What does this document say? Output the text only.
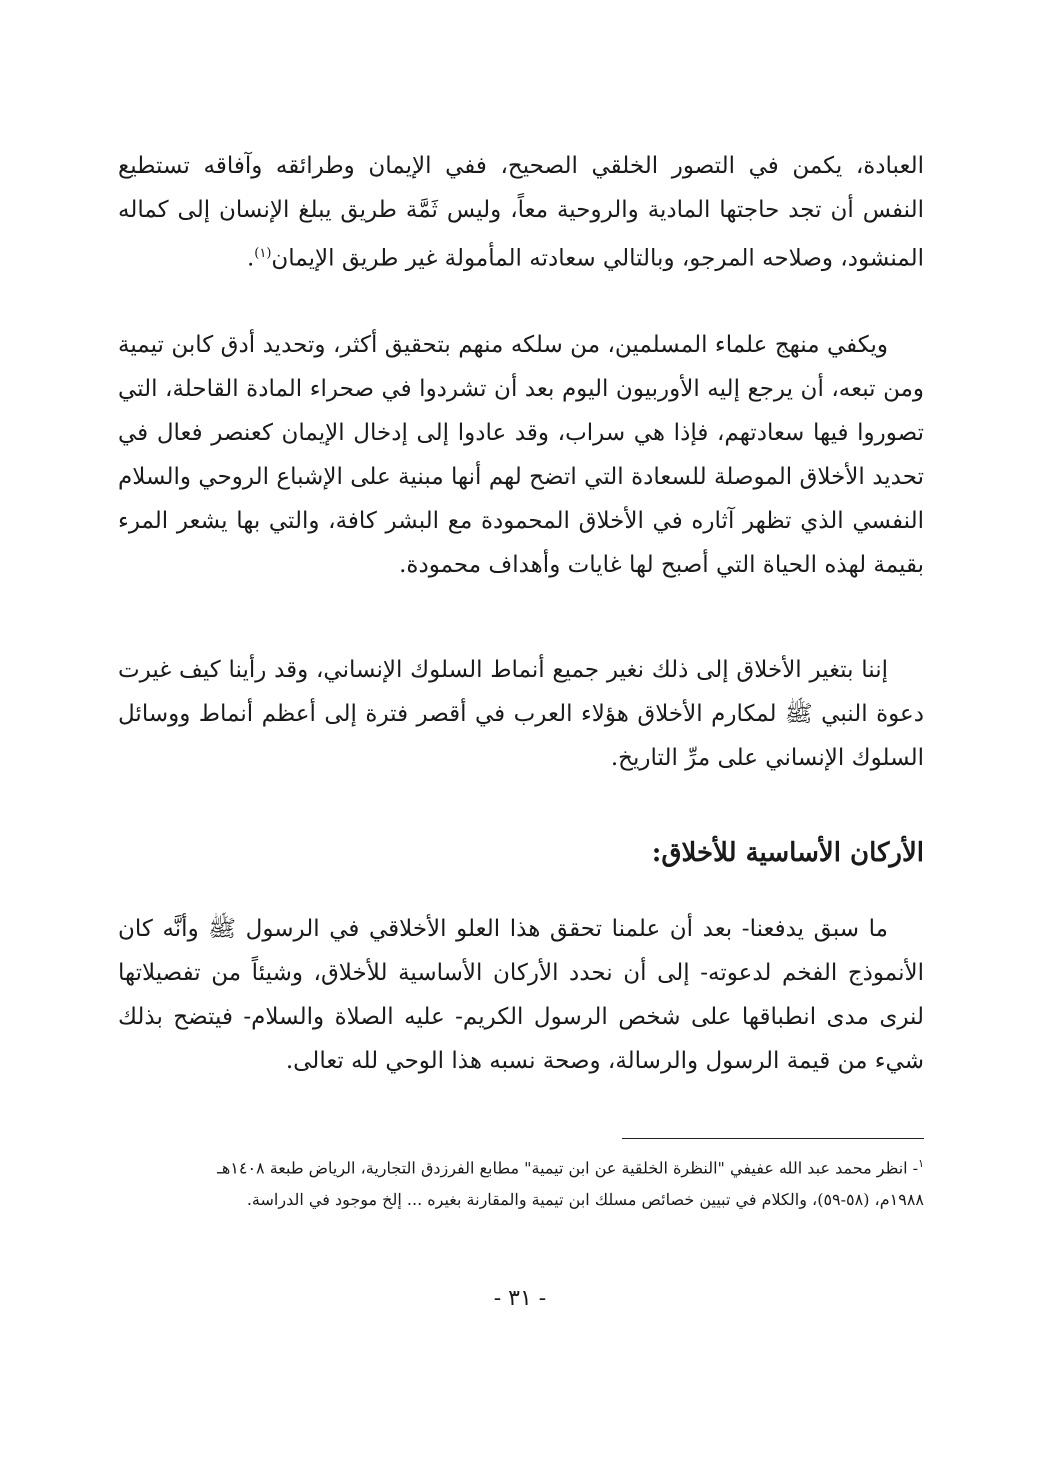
العبادة، يكمن في التصور الخلقي الصحيح، ففي الإيمان وطرائقه وآفاقه تستطيع النفس أن تجد حاجتها المادية والروحية معاً، وليس ثَمَّة طريق يبلغ الإنسان إلى كماله المنشود، وصلاحه المرجو، وبالتالي سعادته المأمولة غير طريق الإيمان$^{(١)}$.

ويكفي منهج علماء المسلمين، من سلكه منهم بتحقيق أكثر، وتحديد أدق كابن تيمية ومن تبعه، أن يرجع إليه الأوربيون اليوم بعد أن تشردوا في صحراء المادة القاحلة، التي تصوروا فيها سعادتهم، فإذا هي سراب، وقد عادوا إلى إدخال الإيمان كعنصر فعال في تحديد الأخلاق الموصلة للسعادة التي اتضح لهم أنها مبنية على الإشباع الروحي والسلام النفسي الذي تظهر آثاره في الأخلاق المحمودة مع البشر كافة، والتي بها يشعر المرء بقيمة لهذه الحياة التي أصبح لها غايات وأهداف محمودة.

إننا بتغير الأخلاق إلى ذلك نغير جميع أنماط السلوك الإنساني، وقد رأينا كيف غيرت دعوة النبي ﷺ لمكارم الأخلاق هؤلاء العرب في أقصر فترة إلى أعظم أنماط ووسائل السلوك الإنساني على مرِّ التاريخ.

الأركان الأساسية للأخلاق:

ما سبق يدفعنا- بعد أن علمنا تحقق هذا العلو الأخلاقي في الرسول ﷺ وأنَّه كان الأنموذج الفخم لدعوته- إلى أن نحدد الأركان الأساسية للأخلاق، وشيئاً من تفصيلاتها لنرى مدى انطباقها على شخص الرسول الكريم- عليه الصلاة والسلام- فيتضح بذلك شيء من قيمة الرسول والرسالة، وصحة نسبه هذا الوحي لله تعالى.

$^١$- انظر محمد عبد الله عفيفي "النظرة الخلقية عن ابن تيمية" مطابع الفرزدق التجارية، الرياض طبعة ١٤٠٨هـ
١٩٨٨م، (٥٨-٥٩)، والكلام في تبيين خصائص مسلك ابن تيمية والمقارنة بغيره ... إلخ موجود في الدراسة.
- ٣١ -
